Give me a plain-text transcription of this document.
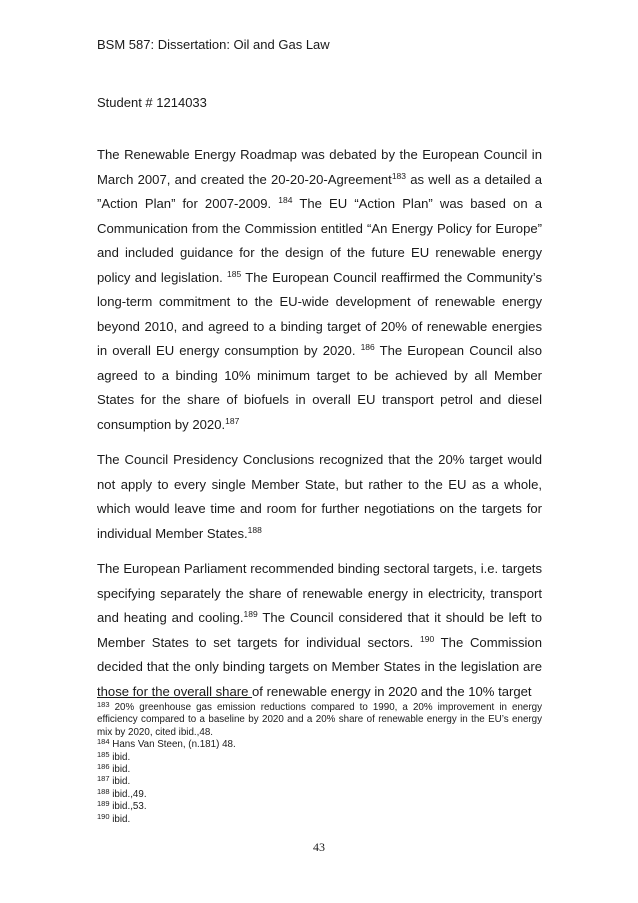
BSM 587: Dissertation: Oil and Gas Law
Student # 1214033

The Renewable Energy Roadmap was debated by the European Council in March 2007, and created the 20-20-20-Agreement$^{183}$ as well as a detailed a ”Action Plan” for 2007-2009. $^{184}$ The EU “Action Plan” was based on a Communication from the Commission entitled “An Energy Policy for Europe” and included guidance for the design of the future EU renewable energy policy and legislation. $^{185}$ The European Council reaffirmed the Community’s long-term commitment to the EU-wide development of renewable energy beyond 2010, and agreed to a binding target of 20% of renewable energies in overall EU energy consumption by 2020. $^{186}$ The European Council also agreed to a binding 10% minimum target to be achieved by all Member States for the share of biofuels in overall EU transport petrol and diesel consumption by 2020.$^{187}$

The Council Presidency Conclusions recognized that the 20% target would not apply to every single Member State, but rather to the EU as a whole, which would leave time and room for further negotiations on the targets for individual Member States.$^{188}$

The European Parliament recommended binding sectoral targets, i.e. targets specifying separately the share of renewable energy in electricity, transport and heating and cooling.$^{189}$ The Council considered that it should be left to Member States to set targets for individual sectors. $^{190}$ The Commission decided that the only binding targets on Member States in the legislation are those for the overall share of renewable energy in 2020 and the 10% target

$^{183}$ 20% greenhouse gas emission reductions compared to 1990, a 20% improvement in energy efficiency compared to a baseline by 2020 and a 20% share of renewable energy in the EU’s energy mix by 2020, cited ibid.,48.
$^{184}$ Hans Van Steen, (n.181) 48.
$^{185}$ ibid.
$^{186}$ ibid.
$^{187}$ ibid.
$^{188}$ ibid.,49.
$^{189}$ ibid.,53.
$^{190}$ ibid.
43
